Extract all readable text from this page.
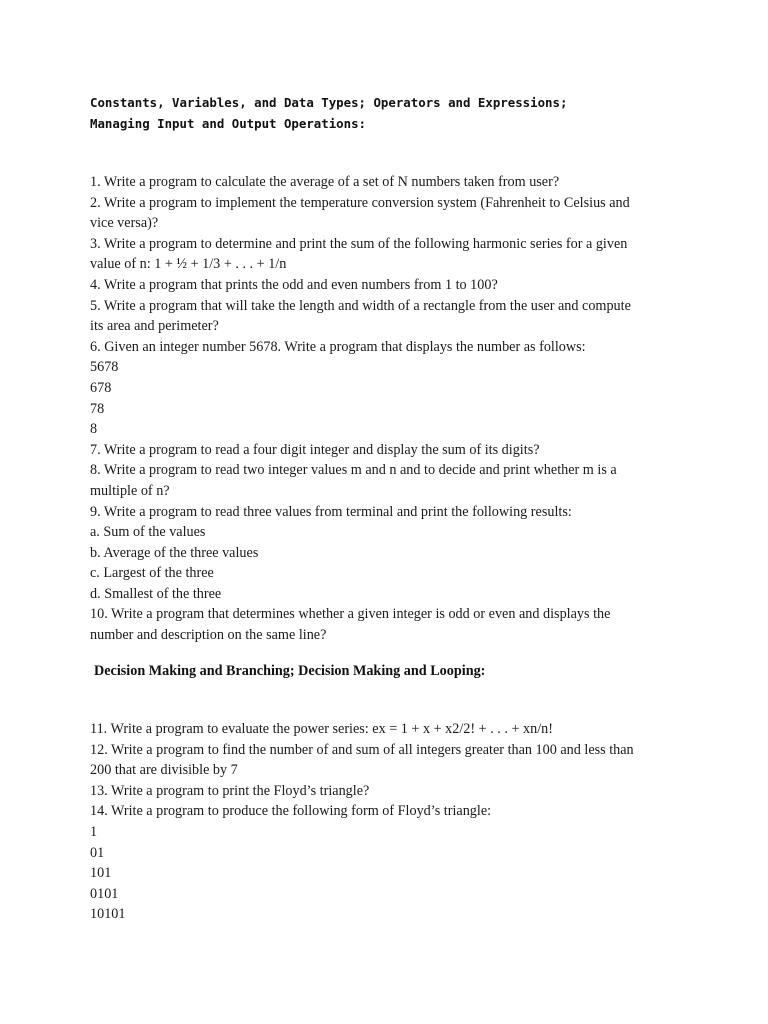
Constants, Variables, and Data Types; Operators and Expressions;
Managing Input and Output Operations:
1. Write a program to calculate the average of a set of N numbers taken from user?
2. Write a program to implement the temperature conversion system (Fahrenheit to Celsius and
vice versa)?
3. Write a program to determine and print the sum of the following harmonic series for a given
value of n: 1 + ½ + 1/3 + . . . + 1/n
4. Write a program that prints the odd and even numbers from 1 to 100?
5. Write a program that will take the length and width of a rectangle from the user and compute
its area and perimeter?
6. Given an integer number 5678. Write a program that displays the number as follows:
5678
678
78
8
7. Write a program to read a four digit integer and display the sum of its digits?
8. Write a program to read two integer values m and n and to decide and print whether m is a
multiple of n?
9. Write a program to read three values from terminal and print the following results:
a. Sum of the values
b. Average of the three values
c. Largest of the three
d. Smallest of the three
10. Write a program that determines whether a given integer is odd or even and displays the
number and description on the same line?
Decision Making and Branching; Decision Making and Looping:
11. Write a program to evaluate the power series: ex = 1 + x + x2/2! + . . . + xn/n!
12. Write a program to find the number of and sum of all integers greater than 100 and less than
200 that are divisible by 7
13. Write a program to print the Floyd’s triangle?
14. Write a program to produce the following form of Floyd’s triangle:
1
01
101
0101
10101
